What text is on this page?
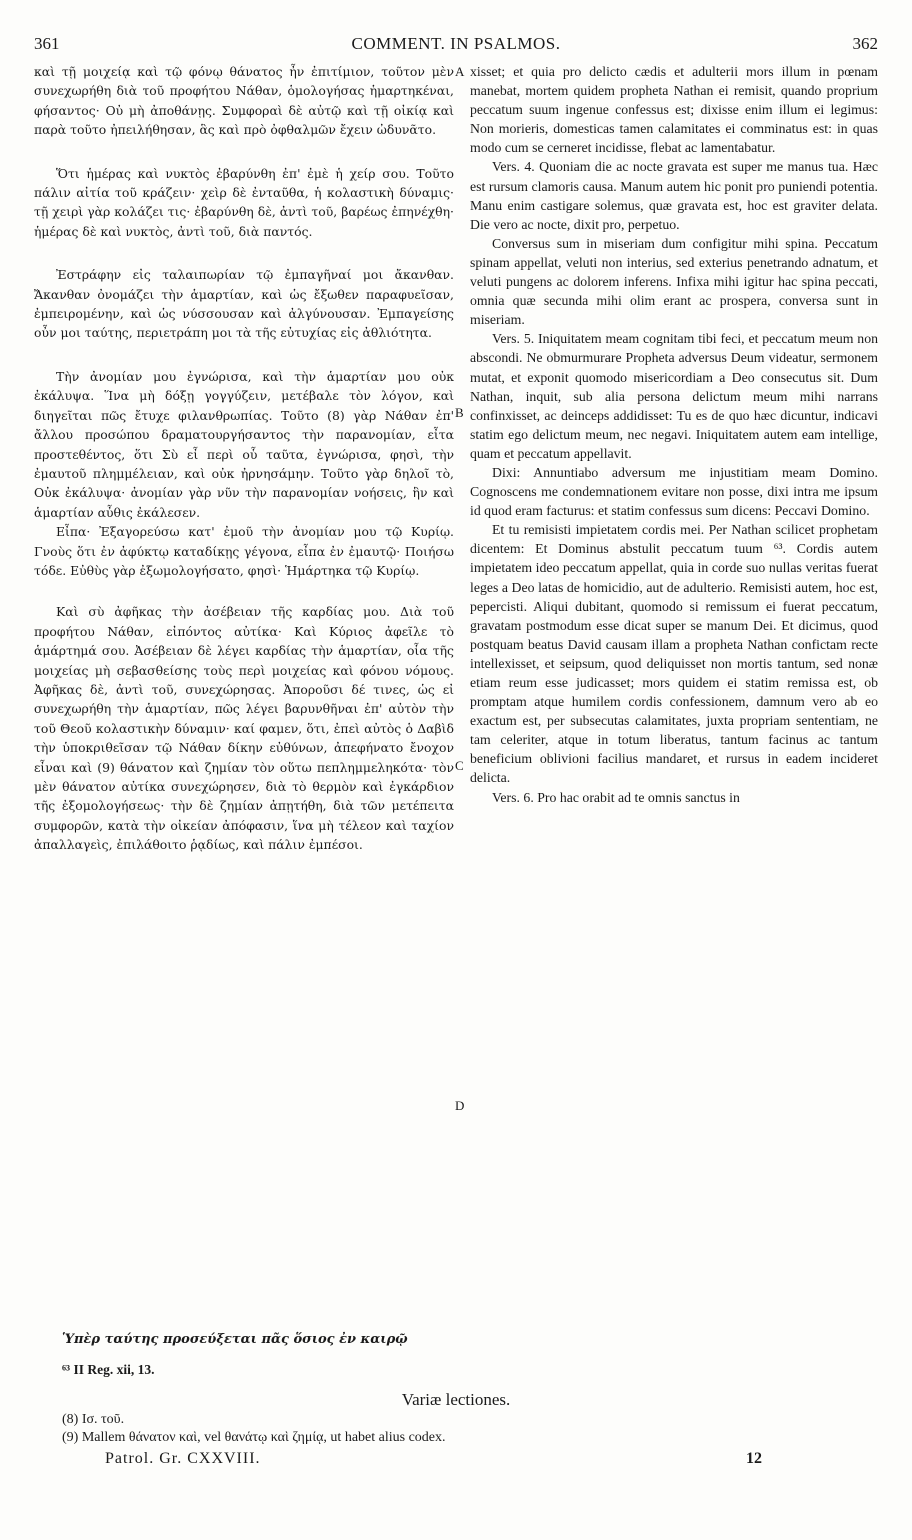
361	COMMENT. IN PSALMOS.	362
A
B
C
D

καὶ τῇ μοιχείᾳ καὶ τῷ φόνῳ θάνατος ἦν ἐπιτίμιον, τοῦτον μὲν συνεχωρήθη διὰ τοῦ προφήτου Νάθαν, ὁμολογήσας ἡμαρτηκέναι, φήσαντος· Οὐ μὴ ἀποθάνῃς. Συμφοραὶ δὲ αὐτῷ καὶ τῇ οἰκίᾳ καὶ παρὰ τοῦτο ἠπειλήθησαν, ἃς καὶ πρὸ ὀφθαλμῶν ἔχειν ὠδυνᾶτο.

Ὅτι ἡμέρας καὶ νυκτὸς ἐβαρύνθη ἐπ' ἐμὲ ἡ χείρ σου. Τοῦτο πάλιν αἰτία τοῦ κράζειν· χεὶρ δὲ ἐνταῦθα, ἡ κολαστικὴ δύναμις· τῇ χειρὶ γὰρ κολάζει τις· ἐβαρύνθη δὲ, ἀντὶ τοῦ, βαρέως ἐπηνέχθη· ἡμέρας δὲ καὶ νυκτὸς, ἀντὶ τοῦ, διὰ παντός.

Ἐστράφην εἰς ταλαιπωρίαν τῷ ἐμπαγῆναί μοι ἄκανθαν. Ἄκανθαν ὀνομάζει τὴν ἁμαρτίαν, καὶ ὡς ἔξωθεν παραφυεῖσαν, ἐμπειρομένην, καὶ ὡς νύσσουσαν καὶ ἀλγύνουσαν. Ἐμπαγείσης οὖν μοι ταύτης, περιετράπη μοι τὰ τῆς εὐτυχίας εἰς ἀθλιότητα.

Τὴν ἀνομίαν μου ἐγνώρισα, καὶ τὴν ἁμαρτίαν μου οὐκ ἐκάλυψα. Ἵνα μὴ δόξῃ γογγύζειν, μετέβαλε τὸν λόγον, καὶ διηγεῖται πῶς ἔτυχε φιλανθρωπίας. Τοῦτο (8) γὰρ Νάθαν ἐπ' ἄλλου προσώπου δραματουργήσαντος τὴν παρανομίαν, εἶτα προστεθέντος, ὅτι Σὺ εἶ περὶ οὗ ταῦτα, ἐγνώρισα, φησὶ, τὴν ἐμαυτοῦ πλημμέλειαν, καὶ οὐκ ἠρνησάμην. Τοῦτο γὰρ δηλοῖ τὸ, Οὐκ ἐκάλυψα· ἀνομίαν γὰρ νῦν τὴν παρανομίαν νοήσεις, ἣν καὶ ἁμαρτίαν αὖθις ἐκάλεσεν.

Εἶπα· Ἐξαγορεύσω κατ' ἐμοῦ τὴν ἀνομίαν μου τῷ Κυρίῳ. Γνοὺς ὅτι ἐν ἀφύκτῳ καταδίκῃς γέγονα, εἶπα ἐν ἐμαυτῷ· Ποιήσω τόδε. Εὐθὺς γὰρ ἐξωμολογήσατο, φησὶ· Ἡμάρτηκα τῷ Κυρίῳ.

Καὶ σὺ ἀφῆκας τὴν ἀσέβειαν τῆς καρδίας μου. Διὰ τοῦ προφήτου Νάθαν, εἰπόντος αὐτίκα· Καὶ Κύριος ἀφεῖλε τὸ ἁμάρτημά σου. Ἀσέβειαν δὲ λέγει καρδίας τὴν ἁμαρτίαν, οἷα τῆς μοιχείας μὴ σεβασθείσης τοὺς περὶ μοιχείας καὶ φόνου νόμους. Ἀφῆκας δὲ, ἀντὶ τοῦ, συνεχώρησας. Ἀποροῦσι δέ τινες, ὡς εἰ συνεχωρήθη τὴν ἁμαρτίαν, πῶς λέγει βαρυνθῆναι ἐπ' αὐτὸν τὴν τοῦ Θεοῦ κολαστικὴν δύναμιν· καί φαμεν, ὅτι, ἐπεὶ αὐτὸς ὁ Δαβὶδ τὴν ὑποκριθεῖσαν τῷ Νάθαν δίκην εὐθύνων, ἀπεφήνατο ἔνοχον εἶναι καὶ (9) θάνατον καὶ ζημίαν τὸν οὕτω πεπλημμεληκότα· τὸν μὲν θάνατον αὐτίκα συνεχώρησεν, διὰ τὸ θερμὸν καὶ ἐγκάρδιον τῆς ἐξομολογήσεως· τὴν δὲ ζημίαν ἀπῃτήθη, διὰ τῶν μετέπειτα συμφορῶν, κατὰ τὴν οἰκείαν ἀπόφασιν, ἵνα μὴ τέλεον καὶ ταχίον ἀπαλλαγεὶς, ἐπιλάθοιτο ῥᾳδίως, καὶ πάλιν ἐμπέσοι.

xisset; et quia pro delicto cædis et adulterii mors illum in pœnam manebat, mortem quidem propheta Nathan ei remisit, quando proprium peccatum suum ingenue confessus est; dixisse enim illum ei legimus: Non morieris, domesticas tamen calamitates ei comminatus est: in quas modo cum se cerneret incidisse, flebat ac lamentabatur.

Vers. 4. Quoniam die ac nocte gravata est super me manus tua. Hæc est rursum clamoris causa. Manum autem hic ponit pro puniendi potentia. Manu enim castigare solemus, quæ gravata est, hoc est graviter delata. Die vero ac nocte, dixit pro, perpetuo.

Conversus sum in miseriam dum configitur mihi spina. Peccatum spinam appellat, veluti non interius, sed exterius penetrando adnatum, et veluti pungens ac dolorem inferens. Infixa mihi igitur hac spina peccati, omnia quæ secunda mihi olim erant ac prospera, conversa sunt in miseriam.

Vers. 5. Iniquitatem meam cognitam tibi feci, et peccatum meum non abscondi. Ne obmurmurare Propheta adversus Deum videatur, sermonem mutat, et exponit quomodo misericordiam a Deo consecutus sit. Dum Nathan, inquit, sub alia persona delictum meum mihi narrans confinxisset, ac deinceps addidisset: Tu es de quo hæc dicuntur, indicavi statim ego delictum meum, nec negavi. Iniquitatem autem eam intellige, quam et peccatum appellavit.

Dixi: Annuntiabo adversum me injustitiam meam Domino. Cognoscens me condemnationem evitare non posse, dixi intra me ipsum id quod eram facturus: et statim confessus sum dicens: Peccavi Domino.

Et tu remisisti impietatem cordis mei. Per Nathan scilicet prophetam dicentem: Et Dominus abstulit peccatum tuum ⁶³. Cordis autem impietatem ideo peccatum appellat, quia in corde suo nullas veritas fuerat leges a Deo latas de homicidio, aut de adulterio. Remisisti autem, hoc est, pepercisti. Aliqui dubitant, quomodo si remissum ei fuerat peccatum, gravatam postmodum esse dicat super se manum Dei. Et dicimus, quod postquam beatus David causam illam a propheta Nathan confictam recte intellexisset, et seipsum, quod deliquisset non mortis tantum, sed nonæ etiam reum esse judicasset; mors quidem ei statim remissa est, ob promptam atque humilem cordis confessionem, damnum vero ab eo exactum est, per subsecutas calamitates, juxta propriam sententiam, ne tam celeriter, atque in totum liberatus, tantum facinus ac tantum beneficium oblivioni facilius mandaret, et rursus in eadem incideret delicta.

Vers. 6. Pro hac orabit ad te omnis sanctus in

Ὑπὲρ ταύτης προσεύξεται πᾶς ὅσιος ἐν καιρῷ
⁶³ II Reg. xii, 13.
Variæ lectiones.
(8) Ισ. τοῦ.
(9) Mallem θάνατον καὶ, vel θανάτῳ καὶ ζημίᾳ, ut habet alius codex.
Patrol. Gr. CXXVIII.	12
